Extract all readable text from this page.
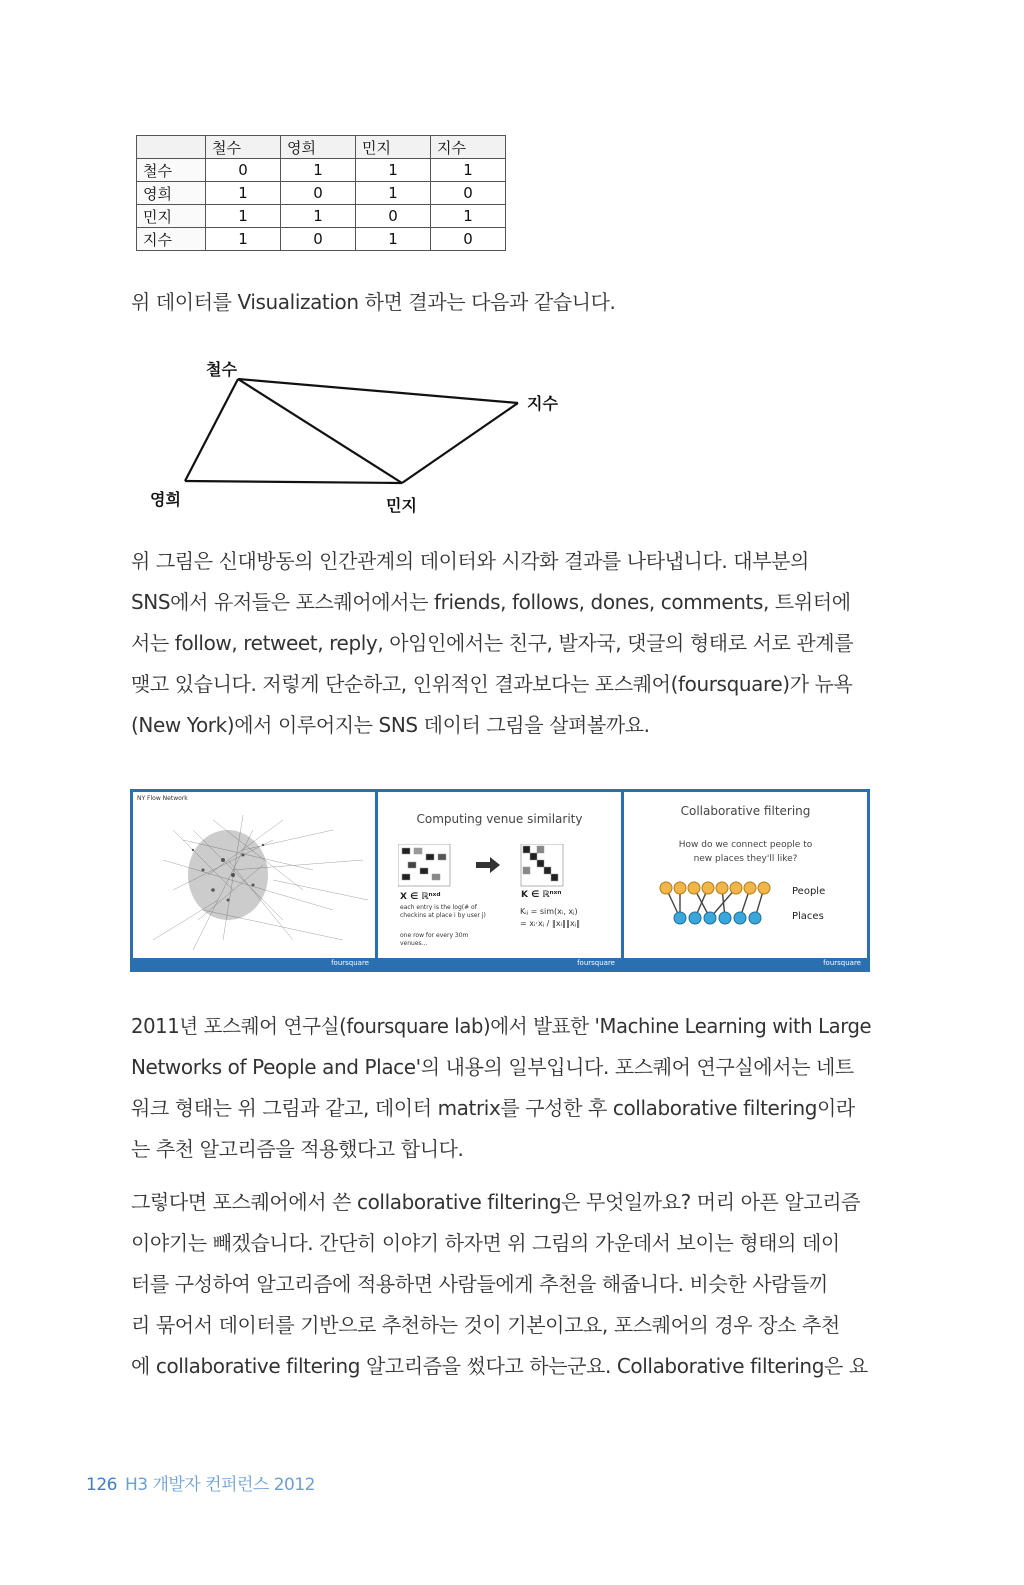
	철수	영희	민지	지수
철수	0	1	1	1
영희	1	0	1	0
민지	1	1	0	1
지수	1	0	1	0
위 데이터를 Visualization 하면 결과는 다음과 같습니다.
철수
지수
영희	민지
위 그림은 신대방동의 인간관계의 데이터와 시각화 결과를 나타냅니다. 대부분의
SNS에서 유저들은 포스퀘어에서는 friends, follows, dones, comments, 트위터에
서는 follow, retweet, reply, 아임인에서는 친구, 발자국, 댓글의 형태로 서로 관계를
맺고 있습니다. 저렇게 단순하고, 인위적인 결과보다는 포스퀘어(foursquare)가 뉴욕
(New York)에서 이루어지는 SNS 데이터 그림을 살펴볼까요.
NY Flow Network
foursquare
Computing venue similarity
X ∈ ℝⁿˣᵈ	K ∈ ℝⁿˣⁿ
each entry is the log(# of
checkins at place i by user j)
one row for every 30m
venues...
Kᵢⱼ = sim(xᵢ, xⱼ)
= xᵢ·xⱼ / ‖xᵢ‖‖xⱼ‖
foursquare
Collaborative filtering
How do we connect people to
new places they'll like?
People
Places
foursquare
2011년 포스퀘어 연구실(foursquare lab)에서 발표한 'Machine Learning with Large
Networks of People and Place'의 내용의 일부입니다. 포스퀘어 연구실에서는 네트
워크 형태는 위 그림과 같고, 데이터 matrix를 구성한 후 collaborative filtering이라
는 추천 알고리즘을 적용했다고 합니다.
그렇다면 포스퀘어에서 쓴 collaborative filtering은 무엇일까요? 머리 아픈 알고리즘
이야기는 빼겠습니다. 간단히 이야기 하자면 위 그림의 가운데서 보이는 형태의 데이
터를 구성하여 알고리즘에 적용하면 사람들에게 추천을 해줍니다. 비슷한 사람들끼
리 묶어서 데이터를 기반으로 추천하는 것이 기본이고요, 포스퀘어의 경우 장소 추천
에 collaborative filtering 알고리즘을 썼다고 하는군요. Collaborative filtering은 요
126 H3 개발자 컨퍼런스 2012
